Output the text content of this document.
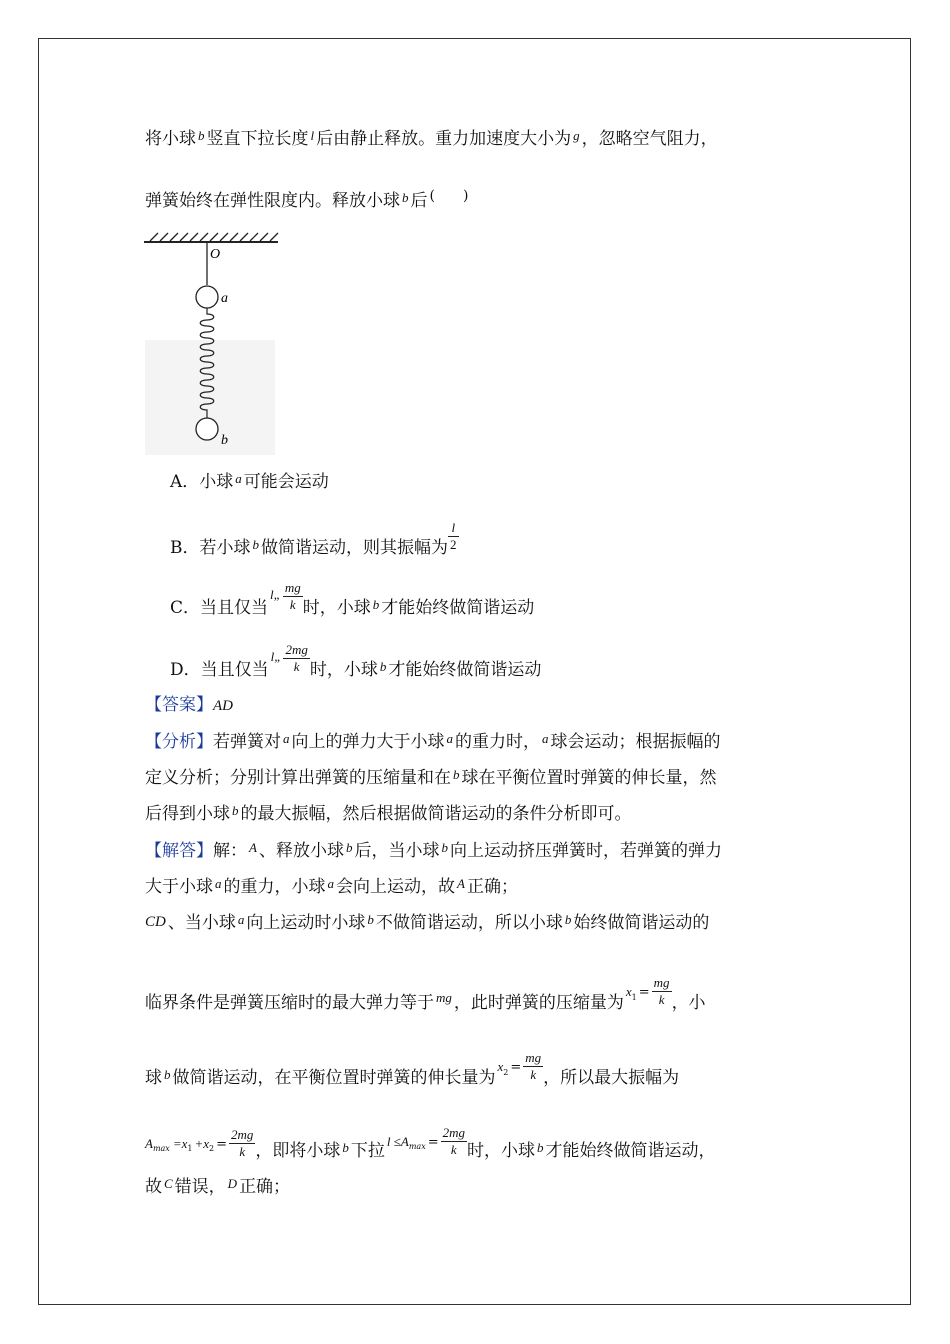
将小球 $^b$ 竖直下拉长度 $^l$ 后由静止释放。重力加速度大小为 $^g$ ，忽略空气阻力，
弹簧始终在弹性限度内。释放小球 $^b$ 后 (　　)
O
a
b
A．小球 $^a$ 可能会运动
B．若小球 $^b$ 做简谐运动，则其振幅为 $\frac{l}{2}$
C．当且仅当$^{l„} \frac{mg}{k}$ 时，小球 $^b$ 才能始终做简谐运动
D．当且仅当$^{l„} \frac{2mg}{k}$ 时，小球 $^b$ 才能始终做简谐运动
【答案】AD
【分析】若弹簧对 $^a$ 向上的弹力大于小球 $^a$ 的重力时， $^a$ 球会运动；根据振幅的
定义分析；分别计算出弹簧的压缩量和在 $^b$ 球在平衡位置时弹簧的伸长量，然
后得到小球 $^b$ 的最大振幅，然后根据做简谐运动的条件分析即可。
【解答】解： $^A$ 、释放小球 $^b$ 后，当小球 $^b$ 向上运动挤压弹簧时，若弹簧的弹力
大于小球 $^a$ 的重力，小球 $^a$ 会向上运动，故 $^A$ 正确；
CD 、当小球 $^a$ 向上运动时小球 $^b$ 不做简谐运动，所以小球 $^b$ 始终做简谐运动的
临界条件是弹簧压缩时的最大弹力等于 $^{mg}$ ，此时弹簧的压缩量为$^{x1}$ $^= \frac{mg}{k}$ ，小
球 $^b$ 做简谐运动，在平衡位置时弹簧的伸长量为$^{x2}$ $^= \frac{mg}{k}$ ，所以最大振幅为
$^{Amax}$ $^{=x1}$ $^{+x2}$ $^= \frac{2mg}{k}$ ，即将小球 $^b$ 下拉 $^{l \le Amax}$ $^= \frac{2mg}{k}$ 时，小球 $^b$ 才能始终做简谐运动，
故 $^C$ 错误， $^D$ 正确；
